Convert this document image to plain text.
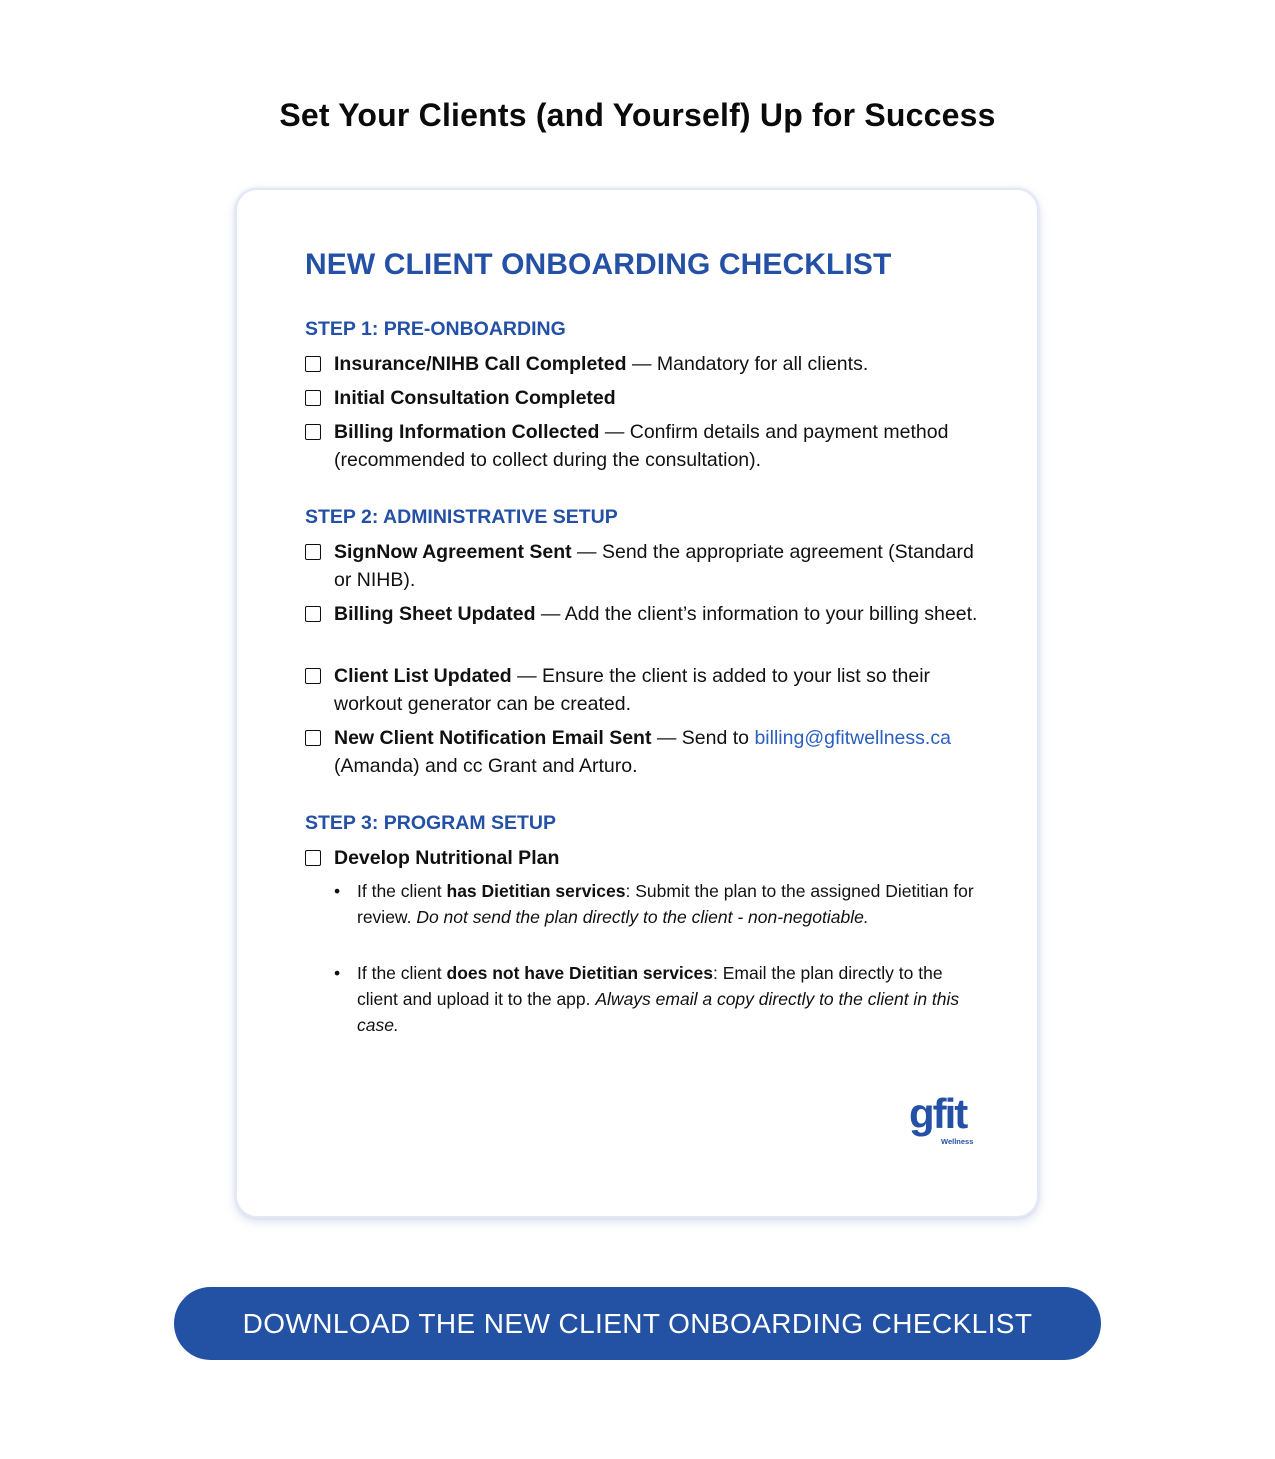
Set Your Clients (and Yourself) Up for Success
NEW CLIENT ONBOARDING CHECKLIST
STEP 1: PRE-ONBOARDING
Insurance/NIHB Call Completed — Mandatory for all clients.
Initial Consultation Completed
Billing Information Collected — Confirm details and payment method (recommended to collect during the consultation).
STEP 2: ADMINISTRATIVE SETUP
SignNow Agreement Sent — Send the appropriate agreement (Standard or NIHB).
Billing Sheet Updated — Add the client’s information to your billing sheet.
Client List Updated — Ensure the client is added to your list so their workout generator can be created.
New Client Notification Email Sent — Send to billing@gfitwellness.ca (Amanda) and cc Grant and Arturo.
STEP 3: PROGRAM SETUP
Develop Nutritional Plan
• If the client has Dietitian services: Submit the plan to the assigned Dietitian for review. Do not send the plan directly to the client - non-negotiable.
• If the client does not have Dietitian services: Email the plan directly to the client and upload it to the app. Always email a copy directly to the client in this case.
gfit
Wellness
DOWNLOAD THE NEW CLIENT ONBOARDING CHECKLIST
